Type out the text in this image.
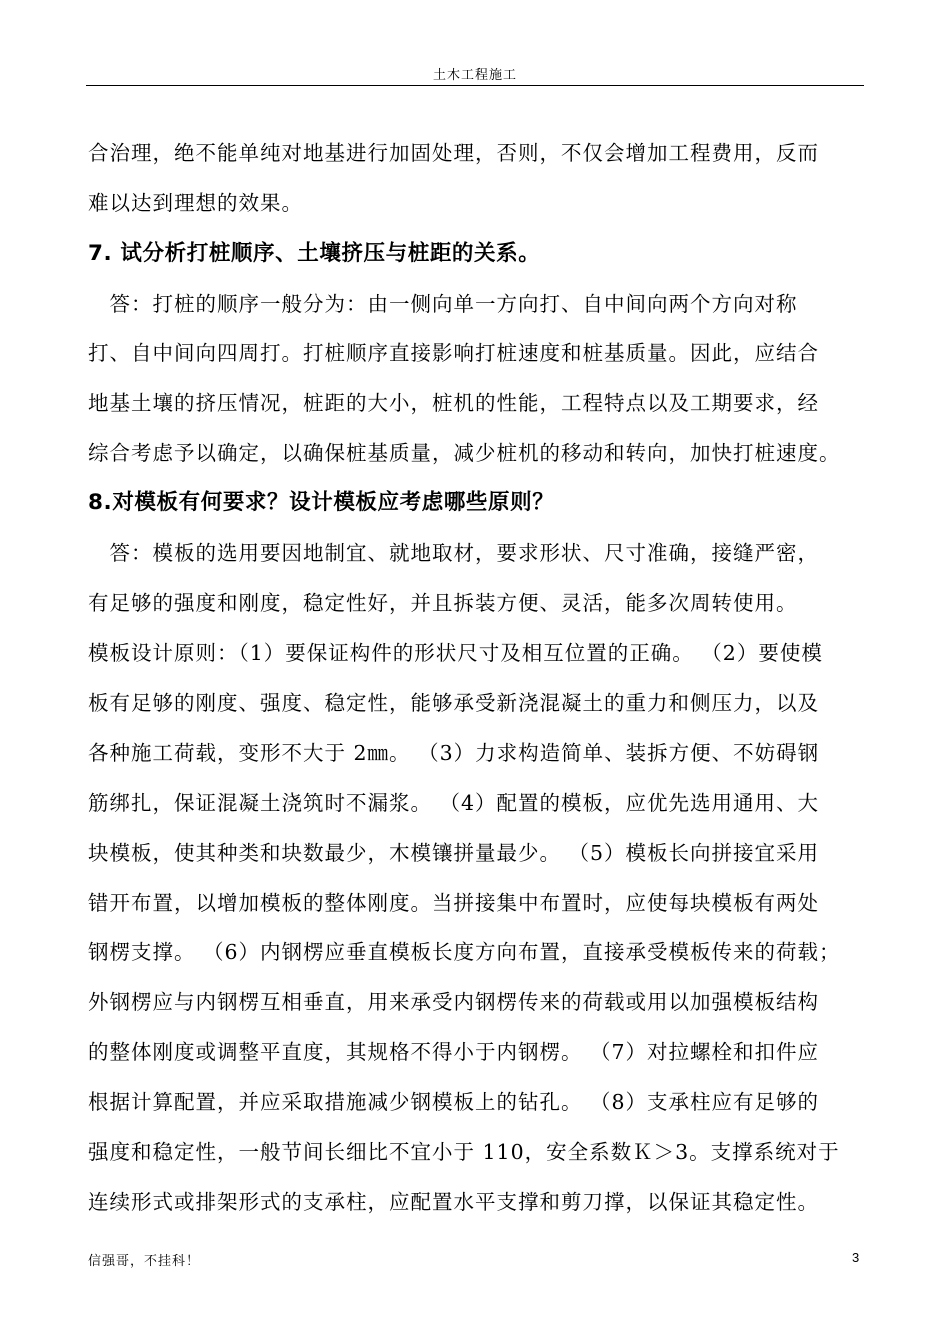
土木工程施工
合治理，绝不能单纯对地基进行加固处理，否则，不仅会增加工程费用，反而
难以达到理想的效果。
7. 试分析打桩顺序、土壤挤压与桩距的关系。
　答：打桩的顺序一般分为：由一侧向单一方向打、自中间向两个方向对称
打、自中间向四周打。打桩顺序直接影响打桩速度和桩基质量。因此，应结合
地基土壤的挤压情况，桩距的大小，桩机的性能，工程特点以及工期要求，经
综合考虑予以确定，以确保桩基质量，减少桩机的移动和转向，加快打桩速度。
8.对模板有何要求？设计模板应考虑哪些原则？
　答：模板的选用要因地制宜、就地取材，要求形状、尺寸准确，接缝严密，
有足够的强度和刚度，稳定性好，并且拆装方便、灵活，能多次周转使用。
模板设计原则：（1）要保证构件的形状尺寸及相互位置的正确。 （2）要使模
板有足够的刚度、强度、稳定性，能够承受新浇混凝土的重力和侧压力，以及
各种施工荷载，变形不大于 2㎜。 （3）力求构造简单、装拆方便、不妨碍钢
筋绑扎，保证混凝土浇筑时不漏浆。 （4）配置的模板，应优先选用通用、大
块模板，使其种类和块数最少，木模镶拼量最少。 （5）模板长向拼接宜采用
错开布置，以增加模板的整体刚度。当拼接集中布置时，应使每块模板有两处
钢楞支撑。 （6）内钢楞应垂直模板长度方向布置，直接承受模板传来的荷载；
外钢楞应与内钢楞互相垂直，用来承受内钢楞传来的荷载或用以加强模板结构
的整体刚度或调整平直度，其规格不得小于内钢楞。 （7）对拉螺栓和扣件应
根据计算配置，并应采取措施减少钢模板上的钻孔。 （8）支承柱应有足够的
强度和稳定性，一般节间长细比不宜小于 110，安全系数Ｋ＞3。支撑系统对于
连续形式或排架形式的支承柱，应配置水平支撑和剪刀撑，以保证其稳定性。
信强哥，不挂科！	3
